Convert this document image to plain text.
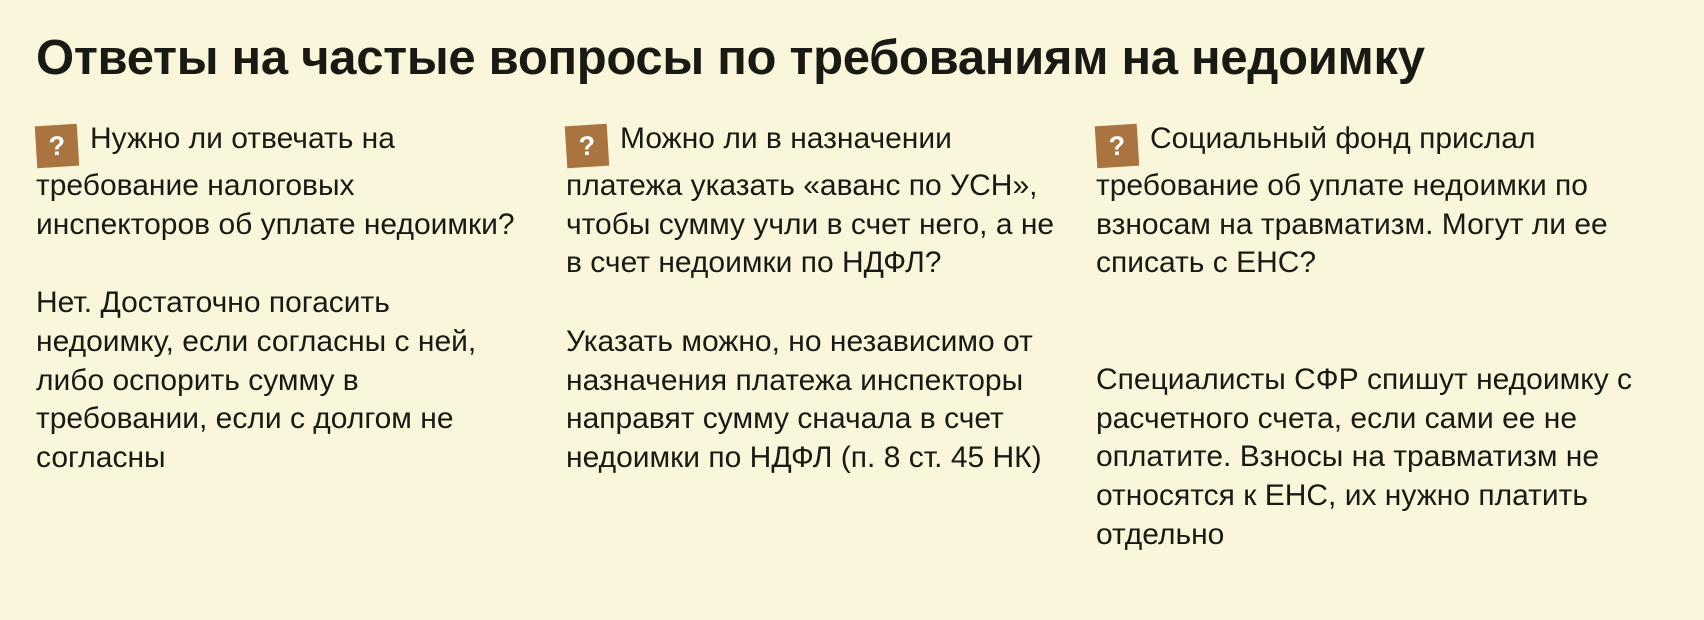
Ответы на частые вопросы по требованиям на недоимку

? Нужно ли отвечать на требование налоговых инспекторов об уплате недоимки?

Нет. Достаточно погасить недоимку, если согласны с ней, либо оспорить сумму в требовании, если с долгом не согласны

? Можно ли в назначении платежа указать «аванс по УСН», чтобы сумму учли в счет него, а не в счет недоимки по НДФЛ?

Указать можно, но независимо от назначения платежа инспекторы направят сумму сначала в счет недоимки по НДФЛ (п. 8 ст. 45 НК)

? Социальный фонд прислал требование об уплате недоимки по взносам на травматизм. Могут ли ее списать с ЕНС?

Специалисты СФР спишут недоимку с расчетного счета, если сами ее не оплатите. Взносы на травматизм не относятся к ЕНС, их нужно платить отдельно
